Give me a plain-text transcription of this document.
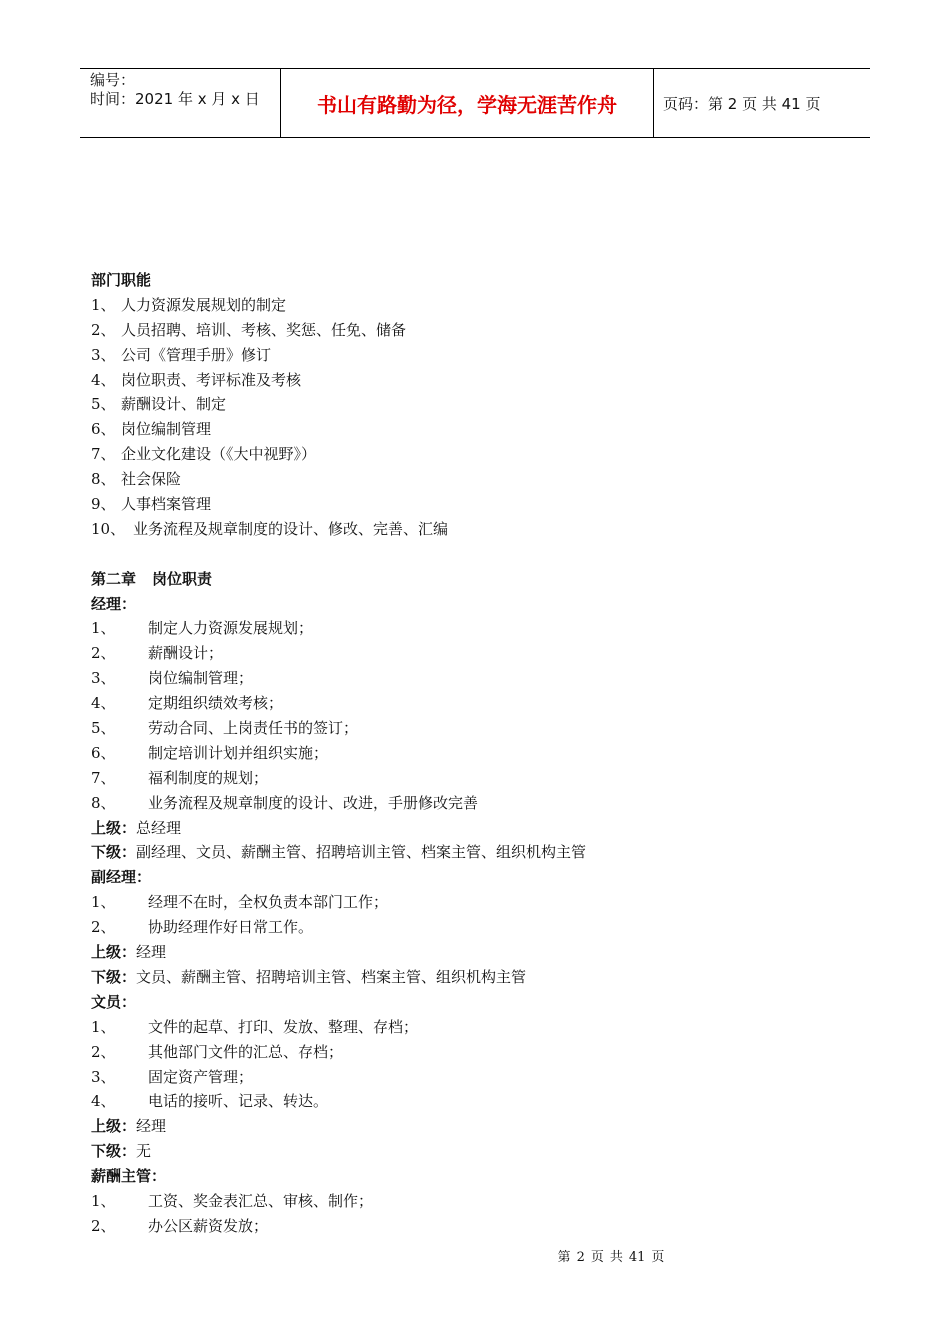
编号：
时间：2021 年 x 月 x 日	书山有路勤为径，学海无涯苦作舟	页码：第 2 页 共 41 页
部门职能
1、 人力资源发展规划的制定
2、 人员招聘、培训、考核、奖惩、任免、储备
3、 公司《管理手册》修订
4、 岗位职责、考评标准及考核
5、 薪酬设计、制定
6、 岗位编制管理
7、 企业文化建设（《大中视野》）
8、 社会保险
9、 人事档案管理
10、 业务流程及规章制度的设计、修改、完善、汇编
第二章 岗位职责
经理：
1、 制定人力资源发展规划；
2、 薪酬设计；
3、 岗位编制管理；
4、 定期组织绩效考核；
5、 劳动合同、上岗责任书的签订；
6、 制定培训计划并组织实施；
7、 福利制度的规划；
8、 业务流程及规章制度的设计、改进，手册修改完善
上级：总经理
下级：副经理、文员、薪酬主管、招聘培训主管、档案主管、组织机构主管
副经理：
1、 经理不在时，全权负责本部门工作；
2、 协助经理作好日常工作。
上级：经理
下级：文员、薪酬主管、招聘培训主管、档案主管、组织机构主管
文员：
1、 文件的起草、打印、发放、整理、存档；
2、 其他部门文件的汇总、存档；
3、 固定资产管理；
4、 电话的接听、记录、转达。
上级：经理
下级：无
薪酬主管：
1、 工资、奖金表汇总、审核、制作；
2、 办公区薪资发放；
第 2 页 共 41 页
